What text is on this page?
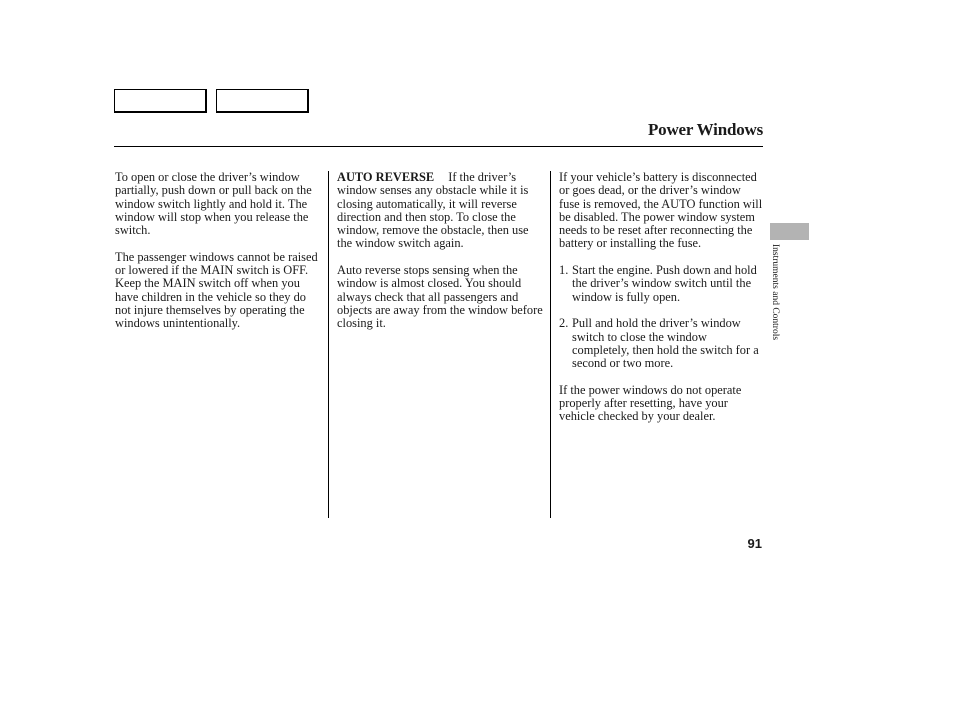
Power Windows

To open or close the driver’s window partially, push down or pull back on the window switch lightly and hold it. The window will stop when you release the switch.

The passenger windows cannot be raised or lowered if the MAIN switch is OFF. Keep the MAIN switch off when you have children in the vehicle so they do not injure themselves by operating the windows unintentionally.

AUTO REVERSE If the driver’s window senses any obstacle while it is closing automatically, it will reverse direction and then stop. To close the window, remove the obstacle, then use the window switch again.

Auto reverse stops sensing when the window is almost closed. You should always check that all passengers and objects are away from the window before closing it.

If your vehicle’s battery is disconnected or goes dead, or the driver’s window fuse is removed, the AUTO function will be disabled. The power window system needs to be reset after reconnecting the battery or installing the fuse.

1. Start the engine. Push down and hold the driver’s window switch until the window is fully open.
2. Pull and hold the driver’s window switch to close the window completely, then hold the switch for a second or two more.

If the power windows do not operate properly after resetting, have your vehicle checked by your dealer.

Instruments and Controls
91
